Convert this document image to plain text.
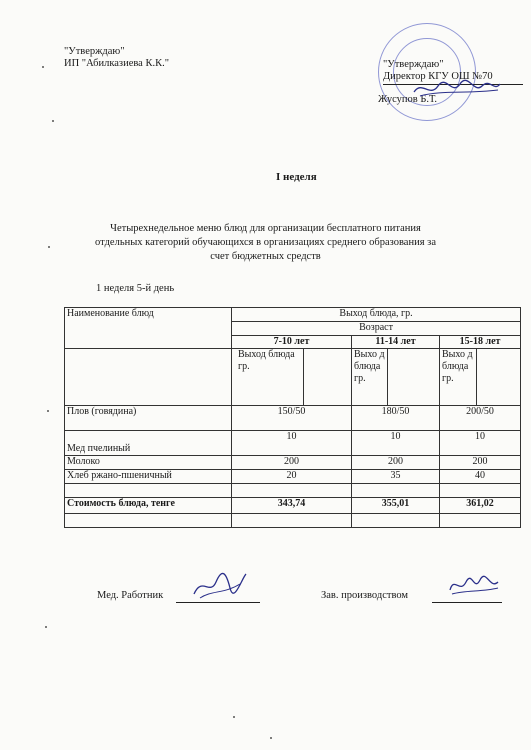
"Утверждаю"
ИП "Абилказиева К.К."	"Утверждаю"
Директор КГУ ОШ №70
Жусупов Б.Т.
I неделя
Четырехнедельное меню блюд для организации бесплатного питания
отдельных категорий обучающихся в организациях среднего образования за
счет бюджетных средств
1 неделя 5-й день
Наименование блюд	Выход блюда, гр.					
	Возраст					
	7-10 лет		11-14 лет		15-18 лет	
	Выход блюда гр.		Выхо д блюда гр.		Выхо д блюда гр.	
Плов (говядина)	150/50		180/50		200/50	
Мед пчелиный	10		10		10	
Молоко	200		200		200	
Хлеб ржано-пшеничный	20		35		40	

Стоимость блюда, тенге	343,74		355,01		361,02	

Мед. Работник	Зав. производством
